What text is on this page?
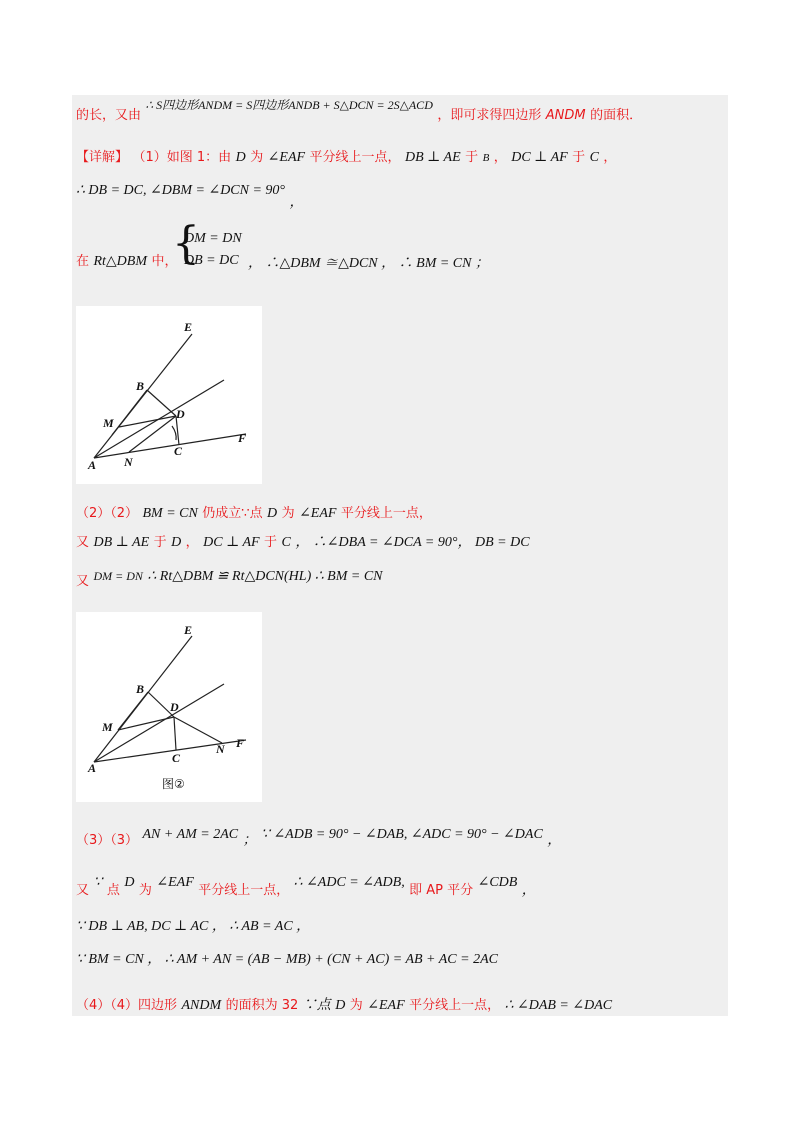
的长，又由 ∴ S四边形ANDM = S四边形ANDB + S△DCN = 2S△ACD ，即可求得四边形 ANDM 的面积．
【详解】 （1）如图 1：由 D 为 ∠EAF 平分线上一点， DB ⊥ AE 于 B ， DC ⊥ AF 于 C ，
∴ DB = DC, ∠DBM = ∠DCN = 90° ，
在 Rt△DBM 中，
{
DM = DN
DB = DC ， ∴△DBM ≅△DCN ， ∴ BM = CN ；
E
B
D
M
A N
C
F
（2）（2） BM = CN 仍成立∵点 D 为 ∠EAF 平分线上一点，
又 DB ⊥ AE 于 D ， DC ⊥ AF 于 C ， ∴∠DBA = ∠DCA = 90°， DB = DC
又 DM = DN ∴ Rt△DBM ≌ Rt△DCN(HL) ∴ BM = CN
E
B
D
M
A
C
N F
图②
（3）（3） AN + AM = 2AC ； ∵ ∠ADB = 90° − ∠DAB, ∠ADC = 90° − ∠DAC ，
又 ∵ 点 D 为 ∠EAF 平分线上一点， ∴ ∠ADC = ∠ADB, 即 AP 平分 ∠CDB ，
∵ DB ⊥ AB, DC ⊥ AC ， ∴ AB = AC ，
∵ BM = CN ， ∴ AM + AN = (AB − MB) + (CN + AC) = AB + AC = 2AC
（4）（4）四边形 ANDM 的面积为 32 ∵点 D 为 ∠EAF 平分线上一点， ∴ ∠DAB = ∠DAC
